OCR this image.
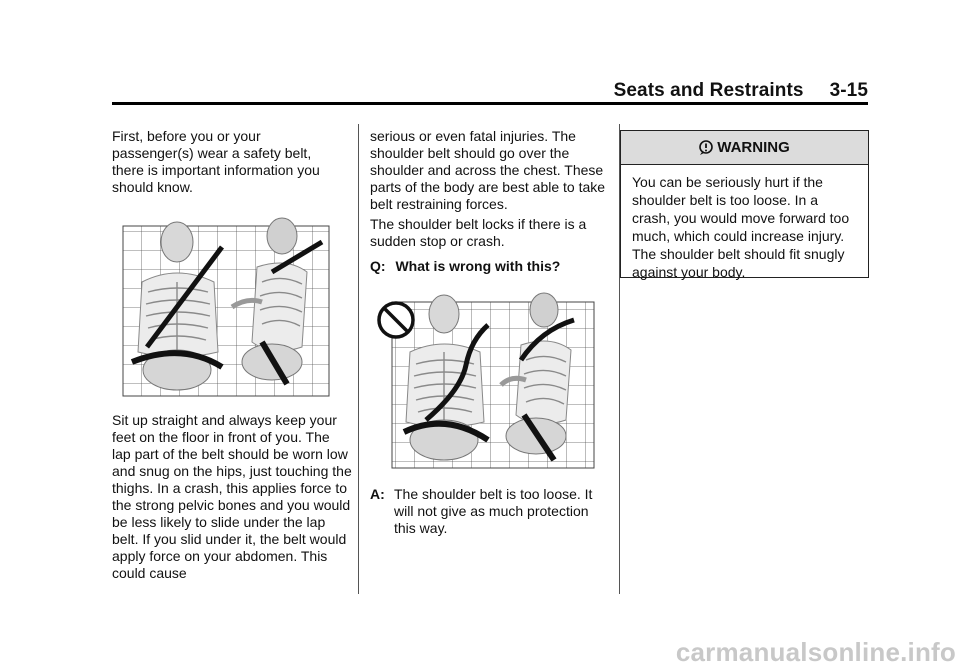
Seats and Restraints 3-15

First, before you or your passenger(s) wear a safety belt, there is important information you should know.

Sit up straight and always keep your feet on the floor in front of you. The lap part of the belt should be worn low and snug on the hips, just touching the thighs. In a crash, this applies force to the strong pelvic bones and you would be less likely to slide under the lap belt. If you slid under it, the belt would apply force on your abdomen. This could cause

serious or even fatal injuries. The shoulder belt should go over the shoulder and across the chest. These parts of the body are best able to take belt restraining forces.

The shoulder belt locks if there is a sudden stop or crash.

Q: What is wrong with this?
A: The shoulder belt is too loose. It will not give as much protection this way.
WARNING
You can be seriously hurt if the shoulder belt is too loose. In a crash, you would move forward too much, which could increase injury. The shoulder belt should fit snugly against your body.
carmanualsonline.info
